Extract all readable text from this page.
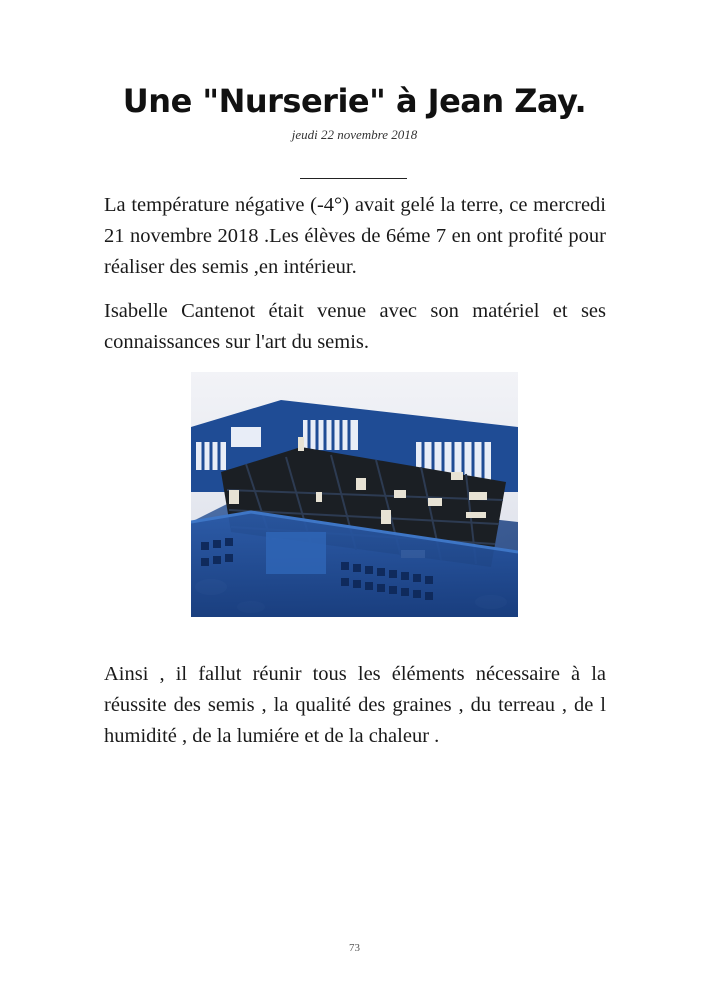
Une "Nurserie" à Jean Zay.
jeudi 22 novembre 2018

La température négative (-4°) avait gelé la terre, ce mercredi 21 novembre 2018 .Les élèves de 6éme 7 en ont profité pour réaliser des semis ,en intérieur.

Isabelle Cantenot était venue avec son matériel et ses connaissances sur l'art du semis.

Ainsi , il fallut réunir tous les éléments nécessaire à la réussite des semis , la qualité des graines , du terreau , de l humidité , de la lumiére et de la chaleur .

73
